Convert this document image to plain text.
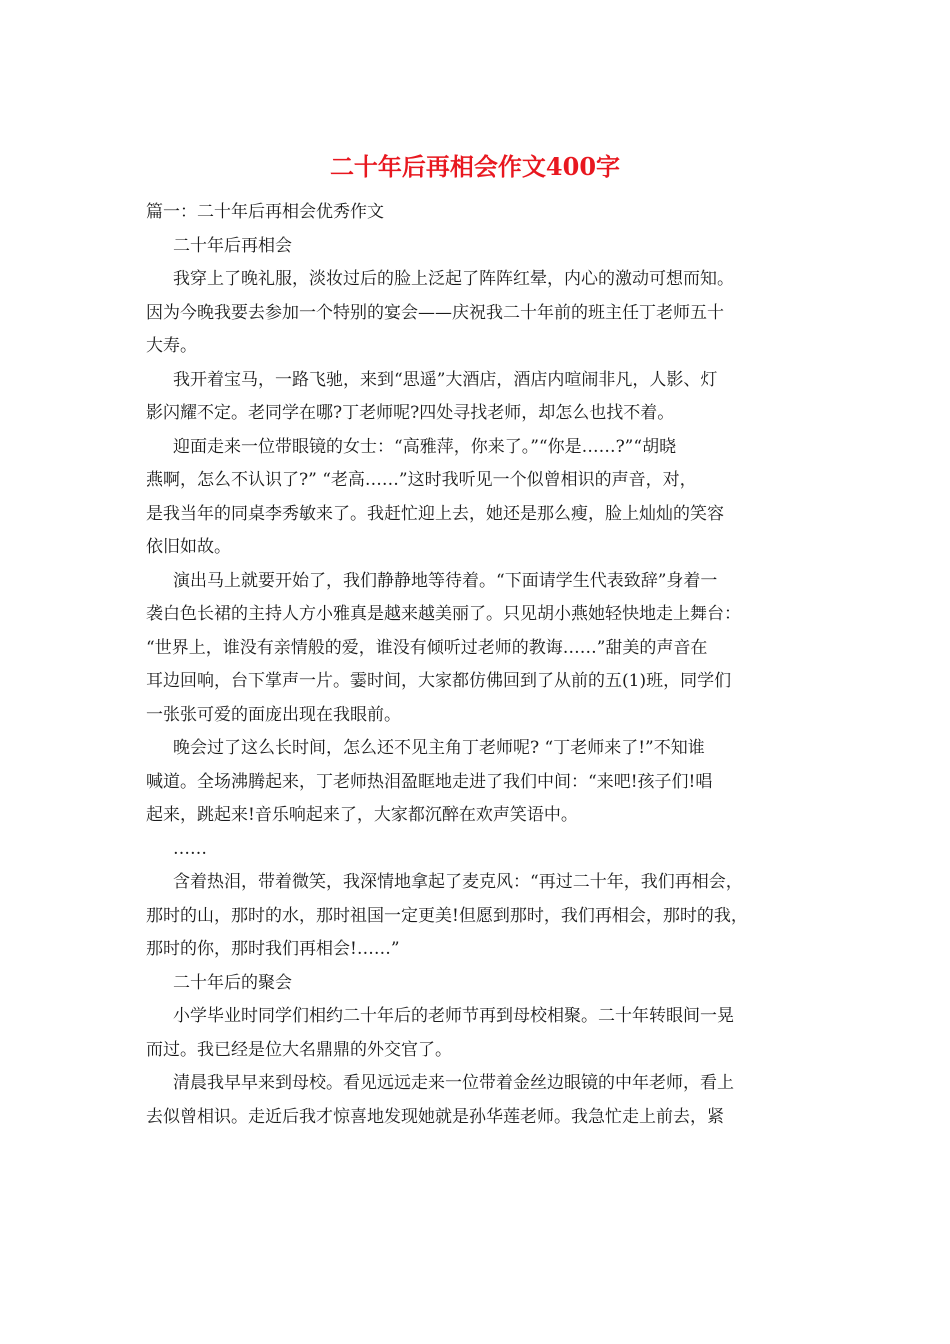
二十年后再相会作文400字

篇一：二十年后再相会优秀作文

二十年后再相会

我穿上了晚礼服，淡妆过后的脸上泛起了阵阵红晕，内心的激动可想而知。
因为今晚我要去参加一个特别的宴会——庆祝我二十年前的班主任丁老师五十
大寿。

我开着宝马，一路飞驰，来到“思遥”大酒店，酒店内喧闹非凡，人影、灯
影闪耀不定。老同学在哪?丁老师呢?四处寻找老师，却怎么也找不着。

迎面走来一位带眼镜的女士：“高雅萍，你来了。”“你是……?”“胡晓
燕啊，怎么不认识了?” “老高……”这时我听见一个似曾相识的声音，对，
是我当年的同桌李秀敏来了。我赶忙迎上去，她还是那么瘦，脸上灿灿的笑容
依旧如故。

演出马上就要开始了，我们静静地等待着。“下面请学生代表致辞”身着一
袭白色长裙的主持人方小雅真是越来越美丽了。只见胡小燕她轻快地走上舞台：
“世界上，谁没有亲情般的爱，谁没有倾听过老师的教诲……”甜美的声音在
耳边回响，台下掌声一片。霎时间，大家都仿佛回到了从前的五(1)班，同学们
一张张可爱的面庞出现在我眼前。

晚会过了这么长时间，怎么还不见主角丁老师呢? “丁老师来了!”不知谁
喊道。全场沸腾起来，丁老师热泪盈眶地走进了我们中间：“来吧!孩子们!唱
起来，跳起来!音乐响起来了，大家都沉醉在欢声笑语中。

……

含着热泪，带着微笑，我深情地拿起了麦克风：“再过二十年，我们再相会，
那时的山，那时的水，那时祖国一定更美!但愿到那时，我们再相会，那时的我，
那时的你，那时我们再相会!……”

二十年后的聚会

小学毕业时同学们相约二十年后的老师节再到母校相聚。二十年转眼间一晃
而过。我已经是位大名鼎鼎的外交官了。

清晨我早早来到母校。看见远远走来一位带着金丝边眼镜的中年老师，看上
去似曾相识。走近后我才惊喜地发现她就是孙华莲老师。我急忙走上前去，紧
